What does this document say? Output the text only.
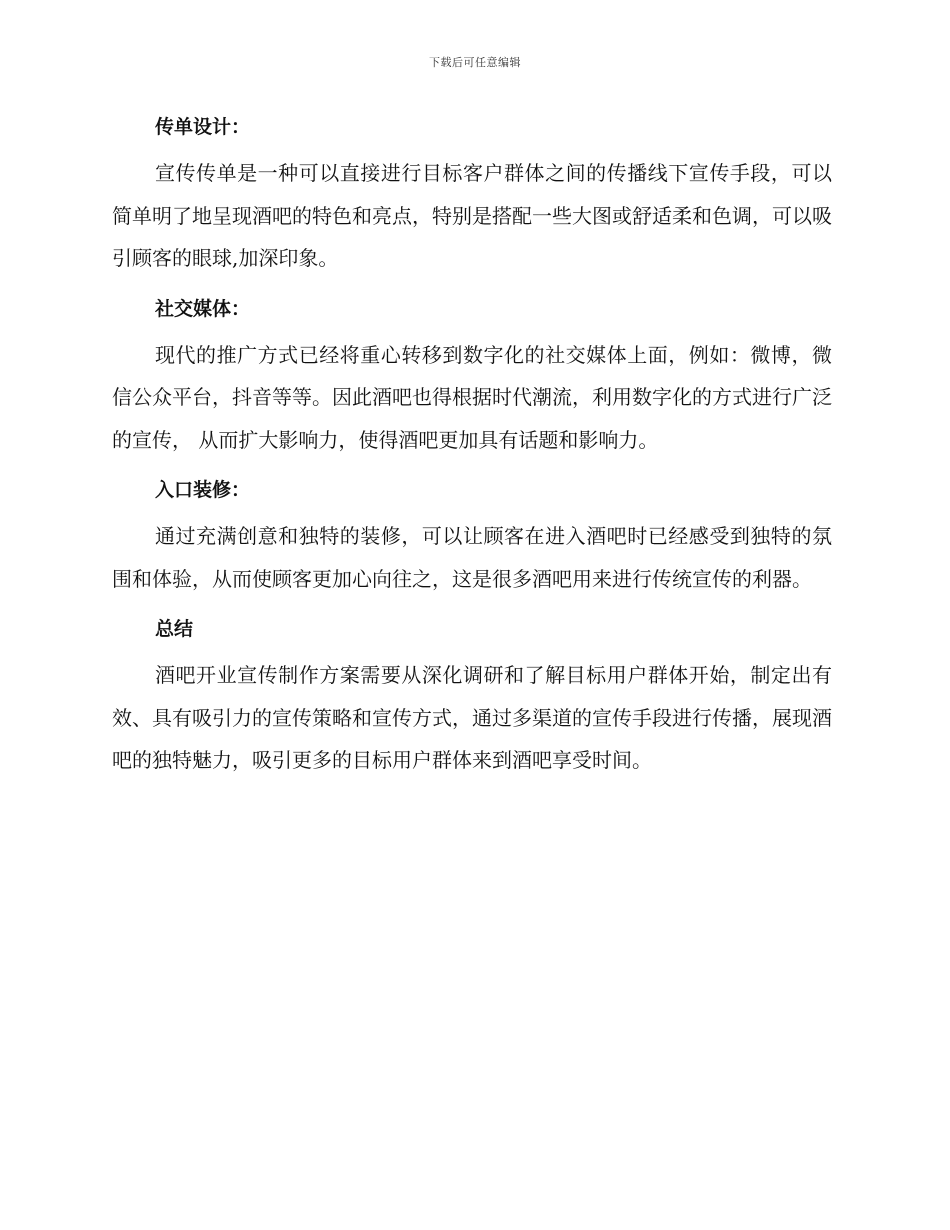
下载后可任意编辑
传单设计：

宣传传单是一种可以直接进行目标客户群体之间的传播线下宣传手段，可以简单明了地呈现酒吧的特色和亮点，特别是搭配一些大图或舒适柔和色调，可以吸引顾客的眼球,加深印象。

社交媒体：

现代的推广方式已经将重心转移到数字化的社交媒体上面，例如：微博，微信公众平台，抖音等等。因此酒吧也得根据时代潮流，利用数字化的方式进行广泛的宣传， 从而扩大影响力，使得酒吧更加具有话题和影响力。

入口装修：

通过充满创意和独特的装修，可以让顾客在进入酒吧时已经感受到独特的氛围和体验，从而使顾客更加心向往之，这是很多酒吧用来进行传统宣传的利器。

总结

酒吧开业宣传制作方案需要从深化调研和了解目标用户群体开始，制定出有效、具有吸引力的宣传策略和宣传方式，通过多渠道的宣传手段进行传播，展现酒吧的独特魅力，吸引更多的目标用户群体来到酒吧享受时间。
